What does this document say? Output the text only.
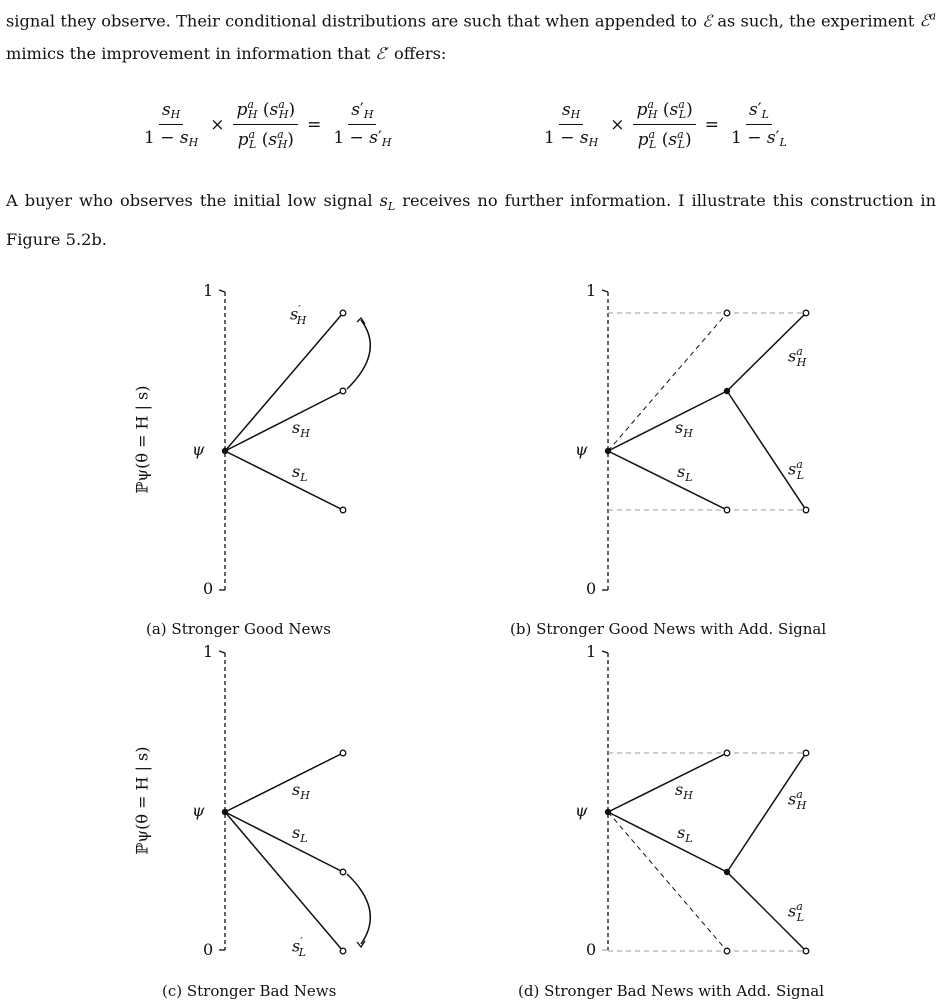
signal they observe. Their conditional distributions are such that when appended to ℰ as such, the experiment ℰ$^a$ mimics the improvement in information that ℰ′ offers:

$\frac{s_H}{1 - s_H} \times \frac{p^a_H (s^a_H)}{p^a_L (s^a_H)} = \frac{s'_H}{1 - s'_H}$	$\frac{s_H}{1 - s_H} \times \frac{p^a_H (s^a_L)}{p^a_L (s^a_L)} = \frac{s'_L}{1 - s'_L}$

A buyer who observes the initial low signal $s_L$ receives no further information. I illustrate this construction in Figure 5.2b.

ℙψ(θ = H | s)
ℙψ(θ = H | s)
1
0
1
0
1
0
1
0
ψ	ψ
ψ	ψ
$s'_H$
$s_H$
$s_L$
$s_H$
$s_L$
$s^a_H$
$s^a_L$
$s_H$
$s_L$
$s'_L$
$s_H$
$s_L$
$s^a_H$
$s^a_L$
(a) Stronger Good News	(b) Stronger Good News with Add. Signal
(c) Stronger Bad News	(d) Stronger Bad News with Add. Signal
